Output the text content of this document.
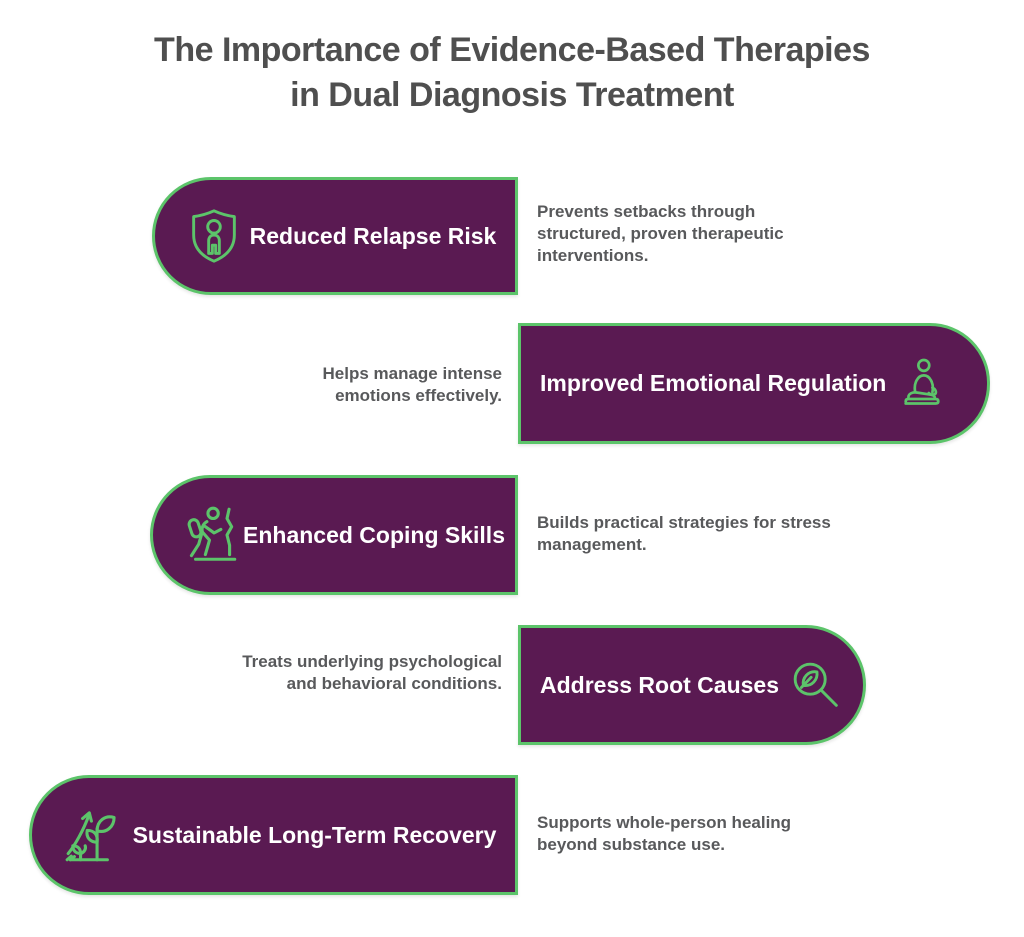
The Importance of Evidence-Based Therapies
in Dual Diagnosis Treatment
Reduced Relapse Risk
Prevents setbacks through structured, proven therapeutic interventions.
Improved Emotional Regulation
Helps manage intense emotions effectively.
Enhanced Coping Skills	Builds practical strategies for stress management.
Address Root Causes
Treats underlying psychological and behavioral conditions.
Sustainable Long-Term Recovery	Supports whole-person healing beyond substance use.
